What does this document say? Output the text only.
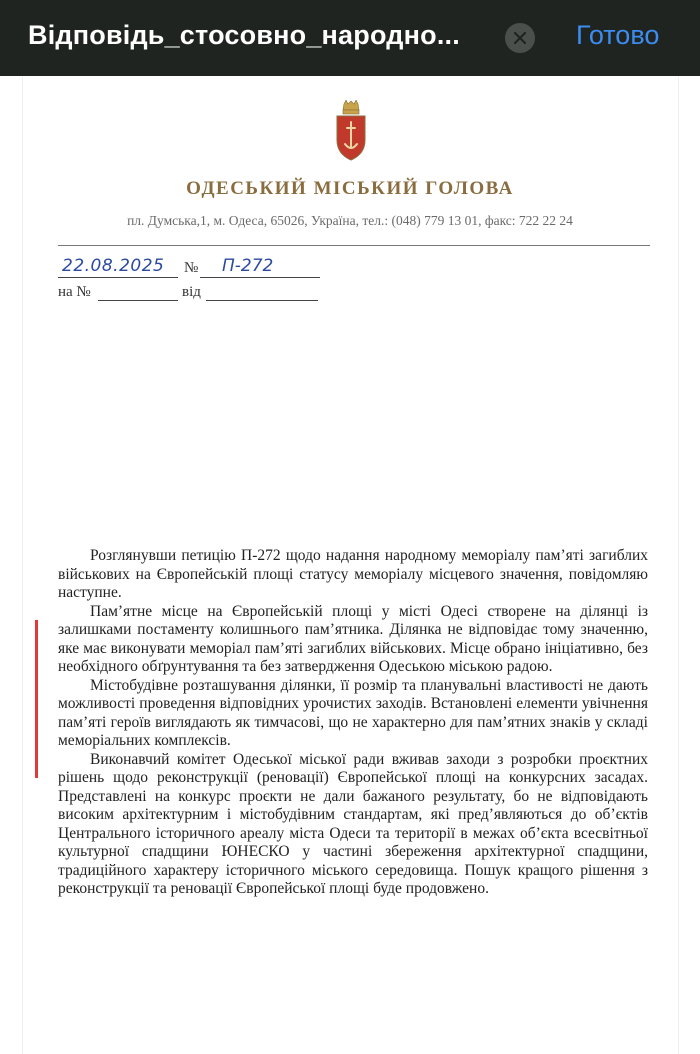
Відповідь_стосовно_народно...	Готово
ОДЕСЬКИЙ МІСЬКИЙ ГОЛОВА
пл. Думська,1, м. Одеса, 65026, Україна, тел.: (048) 779 13 01, факс: 722 22 24
22.08.2025 № П-272
на №	від

Розглянувши петицію П-272 щодо надання народному меморіалу пам’яті загиблих військових на Європейській площі статусу меморіалу місцевого значення, повідомляю наступне.

Пам’ятне місце на Європейській площі у місті Одесі створене на ділянці із залишками постаменту колишнього пам’ятника. Ділянка не відповідає тому значенню, яке має виконувати меморіал пам’яті загиблих військових. Місце обрано ініціативно, без необхідного обґрунтування та без затвердження Одеською міською радою.

Містобудівне розташування ділянки, її розмір та планувальні властивості не дають можливості проведення відповідних урочистих заходів. Встановлені елементи увічнення пам’яті героїв виглядають як тимчасові, що не характерно для пам’ятних знаків у складі меморіальних комплексів.

Виконавчий комітет Одеської міської ради вживав заходи з розробки проєктних рішень щодо реконструкції (реновації) Європейської площі на конкурсних засадах. Представлені на конкурс проєкти не дали бажаного результату, бо не відповідають високим архітектурним і містобудівним стандартам, які пред’являються до об’єктів Центрального історичного ареалу міста Одеси та території в межах об’єкта всесвітньої культурної спадщини ЮНЕСКО у частині збереження архітектурної спадщини, традиційного характеру історичного міського середовища. Пошук кращого рішення з реконструкції та реновації Європейської площі буде продовжено.
